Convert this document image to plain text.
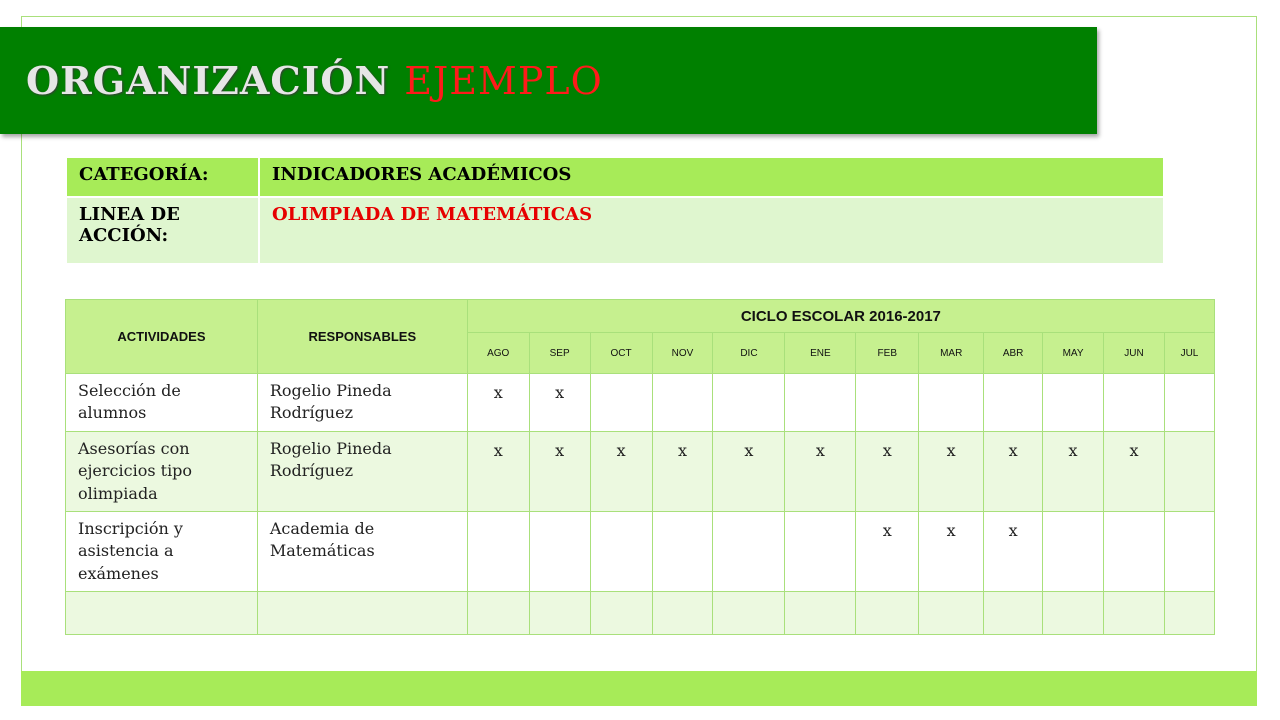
ORGANIZACIÓN EJEMPLO
CATEGORÍA:	INDICADORES ACADÉMICOS
LINEA DE ACCIÓN:	OLIMPIADA DE MATEMÁTICAS
ACTIVIDADES	RESPONSABLES	CICLO ESCOLAR 2016-2017											
		AGO	SEP	OCT	NOV	DIC	ENE	FEB	MAR	ABR	MAY	JUN	JUL
Selección de alumnos	Rogelio Pineda Rodríguez	x	x										
Asesorías con ejercicios tipo olimpiada	Rogelio Pineda Rodríguez	x	x	x	x	x	x	x	x	x	x	x	
Inscripción y asistencia a exámenes	Academia de Matemáticas							x	x	x			
